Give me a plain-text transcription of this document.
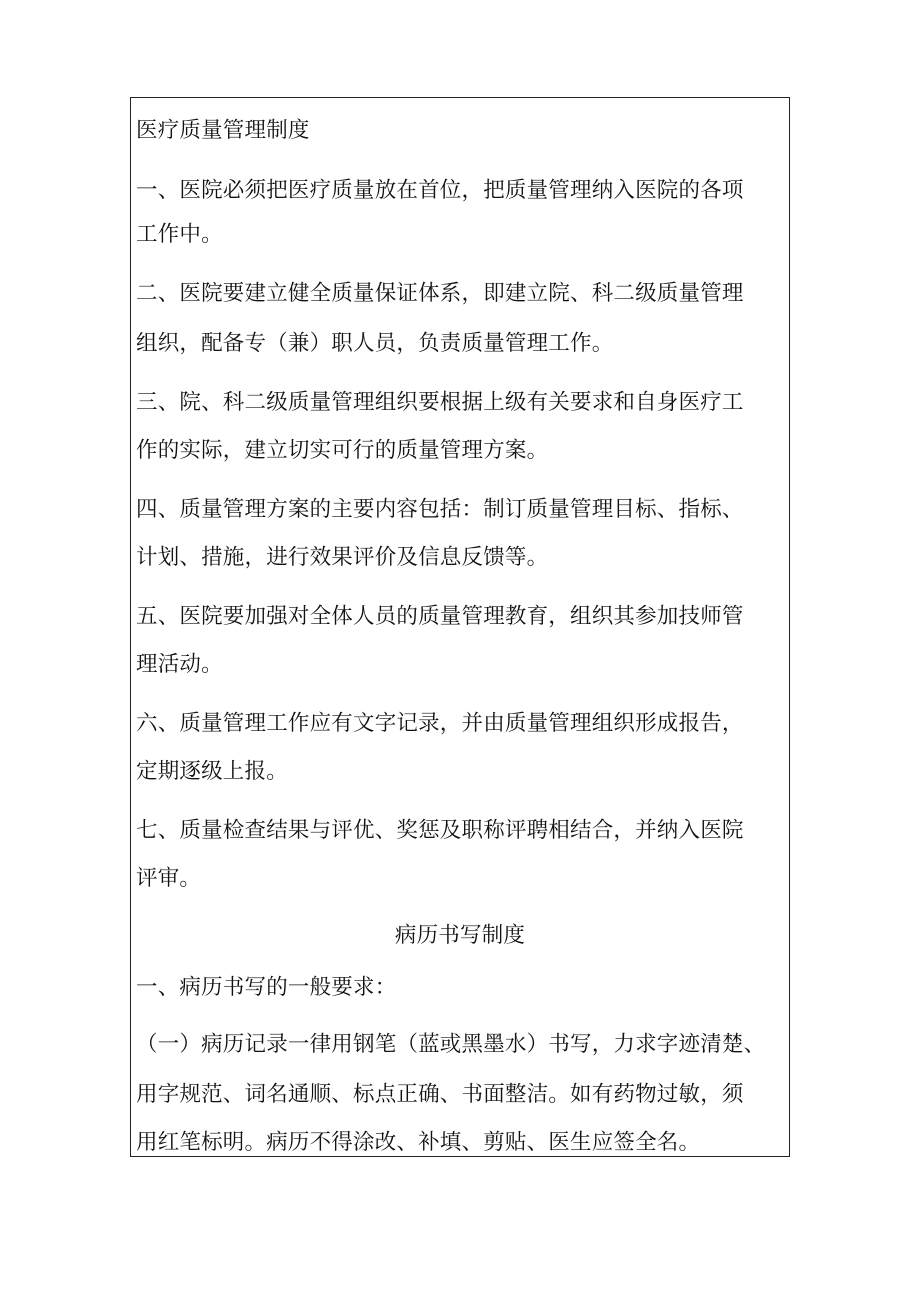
医疗质量管理制度
一、医院必须把医疗质量放在首位，把质量管理纳入医院的各项
工作中。
二、医院要建立健全质量保证体系，即建立院、科二级质量管理
组织，配备专（兼）职人员，负责质量管理工作。
三、院、科二级质量管理组织要根据上级有关要求和自身医疗工
作的实际，建立切实可行的质量管理方案。
四、质量管理方案的主要内容包括：制订质量管理目标、指标、
计划、措施，进行效果评价及信息反馈等。
五、医院要加强对全体人员的质量管理教育，组织其参加技师管
理活动。
六、质量管理工作应有文字记录，并由质量管理组织形成报告，
定期逐级上报。
七、质量检查结果与评优、奖惩及职称评聘相结合，并纳入医院
评审。
病历书写制度
一、病历书写的一般要求：
（一）病历记录一律用钢笔（蓝或黑墨水）书写，力求字迹清楚、
用字规范、词名通顺、标点正确、书面整洁。如有药物过敏，须
用红笔标明。病历不得涂改、补填、剪贴、医生应签全名。
